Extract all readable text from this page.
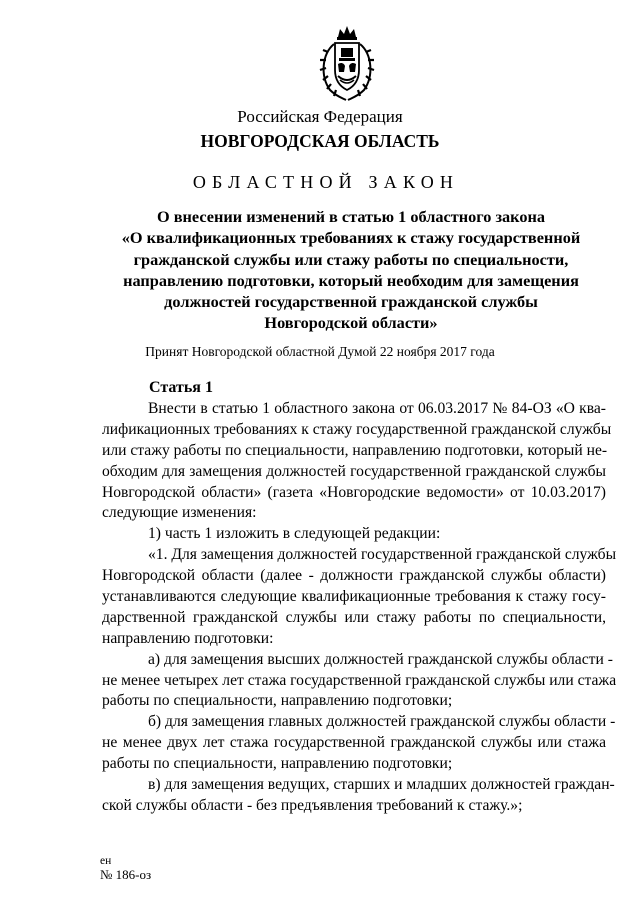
Российская Федерация
НОВГОРОДСКАЯ ОБЛАСТЬ
ОБЛАСТНОЙ ЗАКОН
О внесении изменений в статью 1 областного закона
«О квалификационных требованиях к стажу государственной
гражданской службы или стажу работы по специальности,
направлению подготовки, который необходим для замещения
должностей государственной гражданской службы
Новгородской области»
Принят Новгородской областной Думой 22 ноября 2017 года
Статья 1
Внести в статью 1 областного закона от 06.03.2017 № 84-ОЗ «О ква-
лификационных требованиях к стажу государственной гражданской службы
или стажу работы по специальности, направлению подготовки, который не-
обходим для замещения должностей государственной гражданской службы
Новгородской области» (газета «Новгородские ведомости» от 10.03.2017)
следующие изменения:
1) часть 1 изложить в следующей редакции:
«1. Для замещения должностей государственной гражданской службы
Новгородской области (далее - должности гражданской службы области)
устанавливаются следующие квалификационные требования к стажу госу-
дарственной гражданской службы или стажу работы по специальности,
направлению подготовки:
а) для замещения высших должностей гражданской службы области -
не менее четырех лет стажа государственной гражданской службы или стажа
работы по специальности, направлению подготовки;
б) для замещения главных должностей гражданской службы области -
не менее двух лет стажа государственной гражданской службы или стажа
работы по специальности, направлению подготовки;
в) для замещения ведущих, старших и младших должностей граждан-
ской службы области - без предъявления требований к стажу.»;
ен
№ 186-оз
